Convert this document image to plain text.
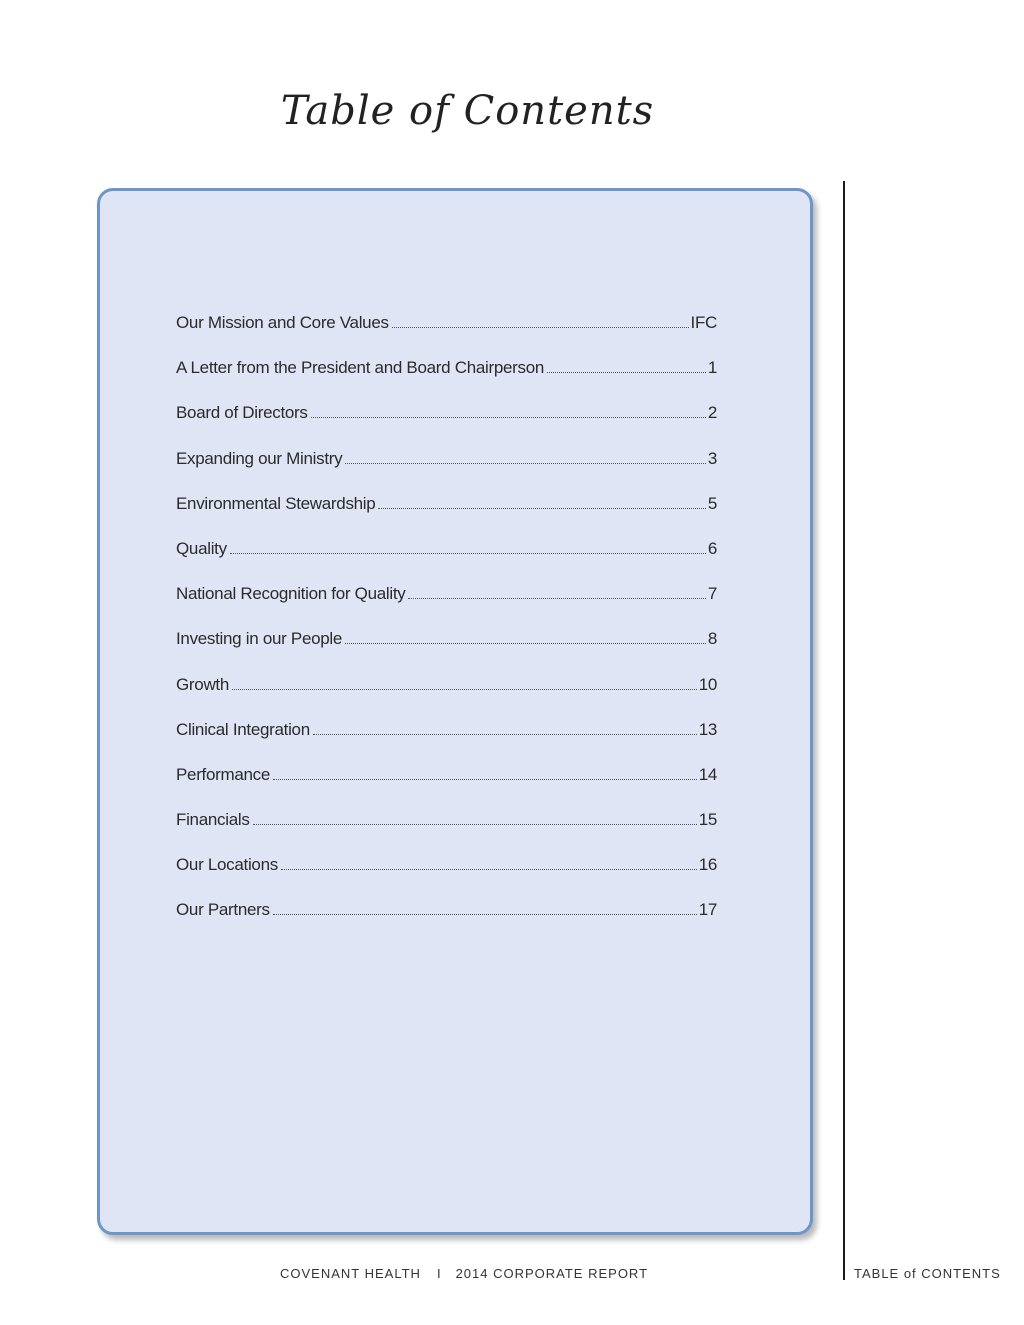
Table of Contents
Our Mission and Core Values	IFC
A Letter from the President and Board Chairperson	1
Board of Directors	2
Expanding our Ministry	3
Environmental Stewardship	5
Quality	6
National Recognition for Quality	7
Investing in our People	8
Growth	10
Clinical Integration	13
Performance	14
Financials	15
Our Locations	16
Our Partners	17
COVENANT HEALTH I 2014 CORPORATE REPORT	TABLE of CONTENTS
